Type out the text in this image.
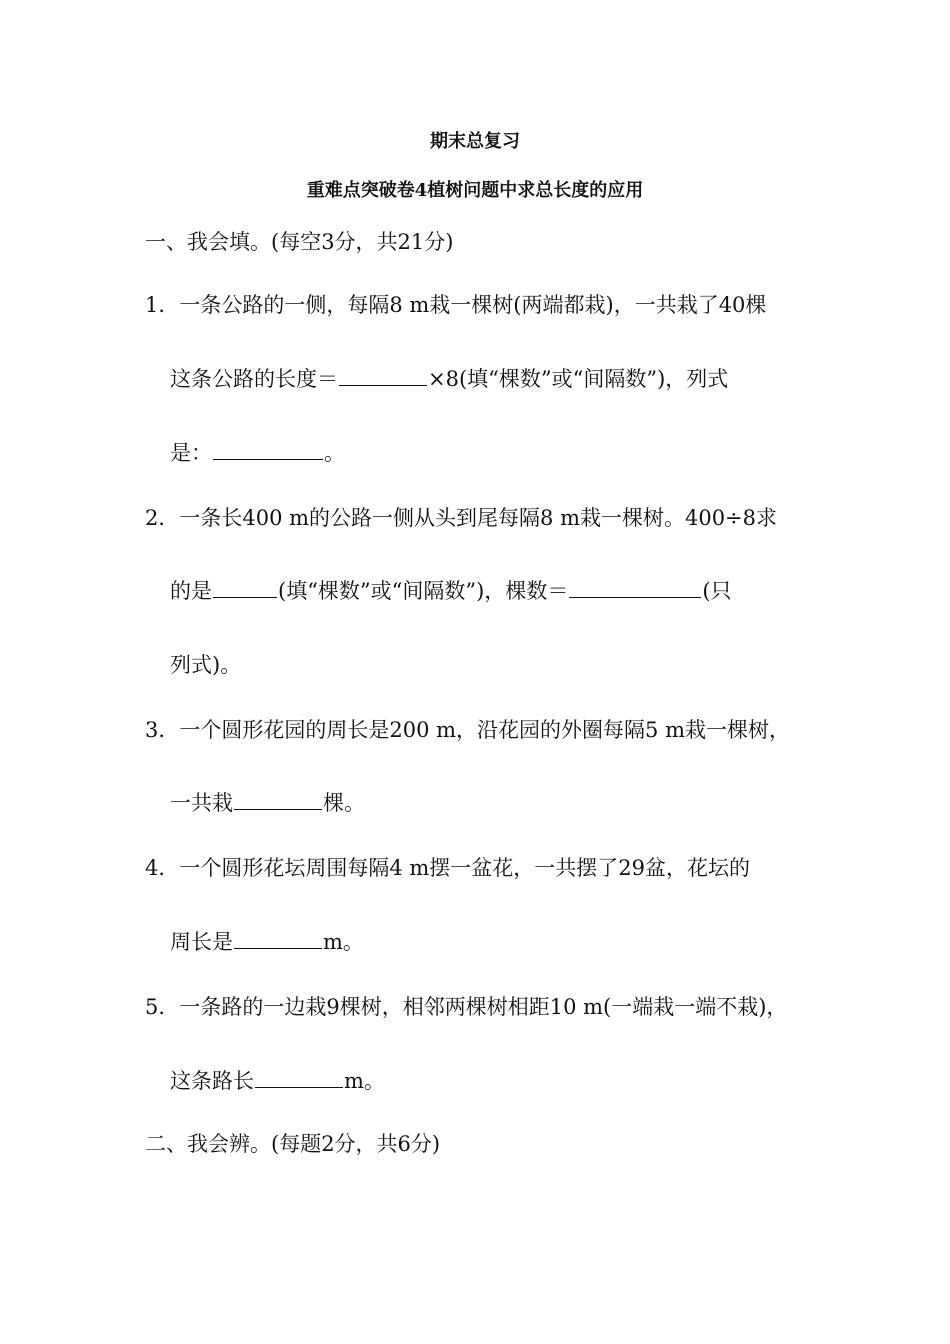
期末总复习
重难点突破卷4植树问题中求总长度的应用
一、我会填。(每空3分，共21分)
1．一条公路的一侧，每隔8 m栽一棵树(两端都栽)，一共栽了40棵
这条公路的长度＝	×8(填“棵数”或“间隔数”)，列式
是：	。
2．一条长400 m的公路一侧从头到尾每隔8 m栽一棵树。400÷8求
的是	(填“棵数”或“间隔数”)，棵数＝	(只
列式)。
3．一个圆形花园的周长是200 m，沿花园的外圈每隔5 m栽一棵树，
一共栽	棵。
4．一个圆形花坛周围每隔4 m摆一盆花，一共摆了29盆，花坛的
周长是	m。
5．一条路的一边栽9棵树，相邻两棵树相距10 m(一端栽一端不栽)，
这条路长	m。
二、我会辨。(每题2分，共6分)
